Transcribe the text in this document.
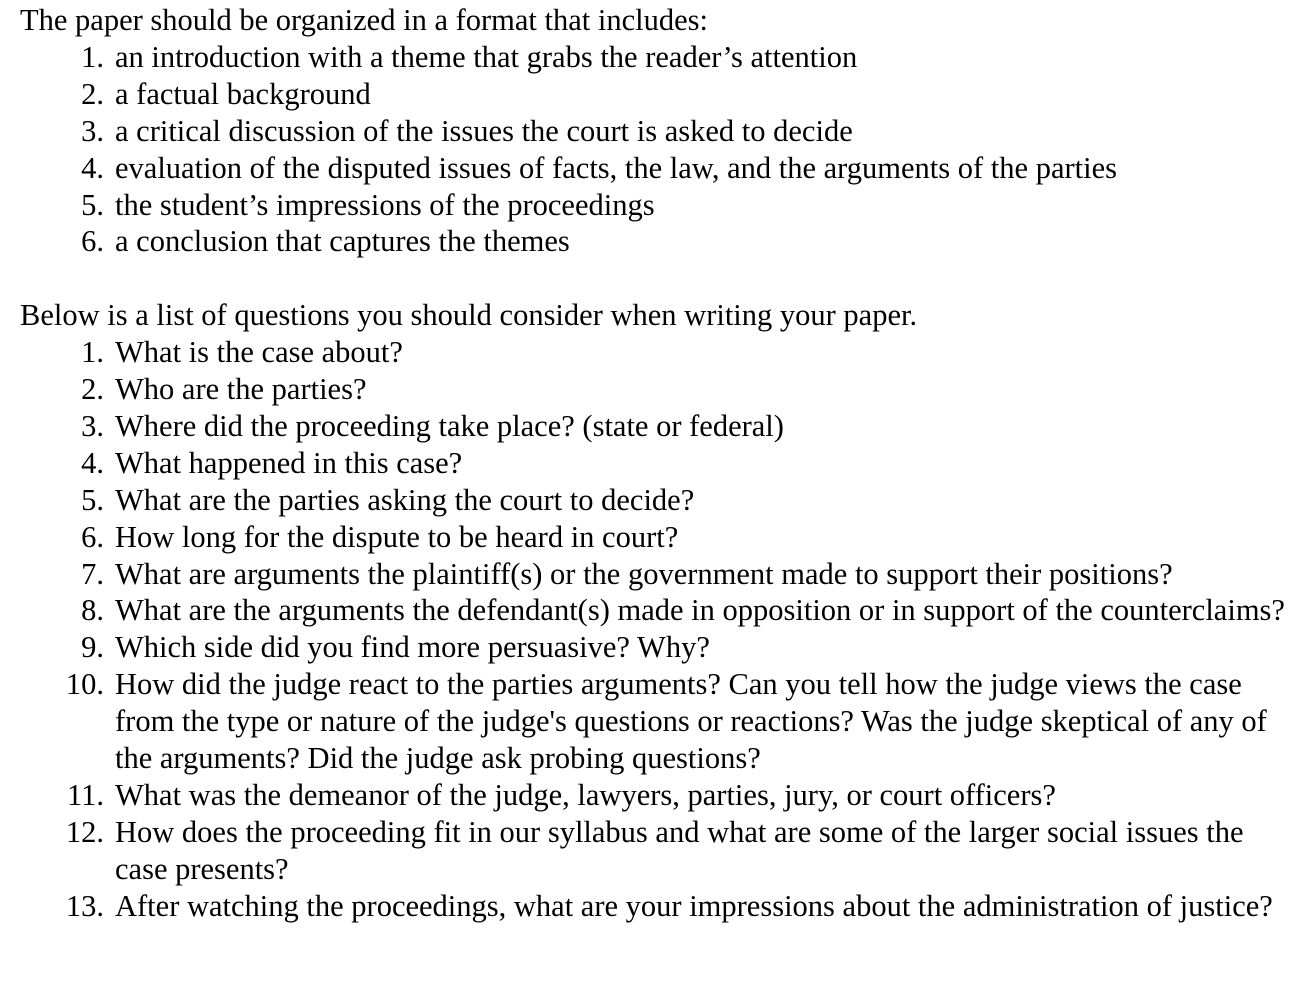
The paper should be organized in a format that includes:

1. an introduction with a theme that grabs the reader’s attention
2. a factual background
3. a critical discussion of the issues the court is asked to decide
4. evaluation of the disputed issues of facts, the law, and the arguments of the parties
5. the student’s impressions of the proceedings
6. a conclusion that captures the themes

Below is a list of questions you should consider when writing your paper.

1. What is the case about?
2. Who are the parties?
3. Where did the proceeding take place? (state or federal)
4. What happened in this case?
5. What are the parties asking the court to decide?
6. How long for the dispute to be heard in court?
7. What are arguments the plaintiff(s) or the government made to support their positions?
8. What are the arguments the defendant(s) made in opposition or in support of the counterclaims?
9. Which side did you find more persuasive? Why?
10. How did the judge react to the parties arguments? Can you tell how the judge views the case from the type or nature of the judge's questions or reactions? Was the judge skeptical of any of the arguments? Did the judge ask probing questions?
11. What was the demeanor of the judge, lawyers, parties, jury, or court officers?
12. How does the proceeding fit in our syllabus and what are some of the larger social issues the case presents?
13. After watching the proceedings, what are your impressions about the administration of justice?
